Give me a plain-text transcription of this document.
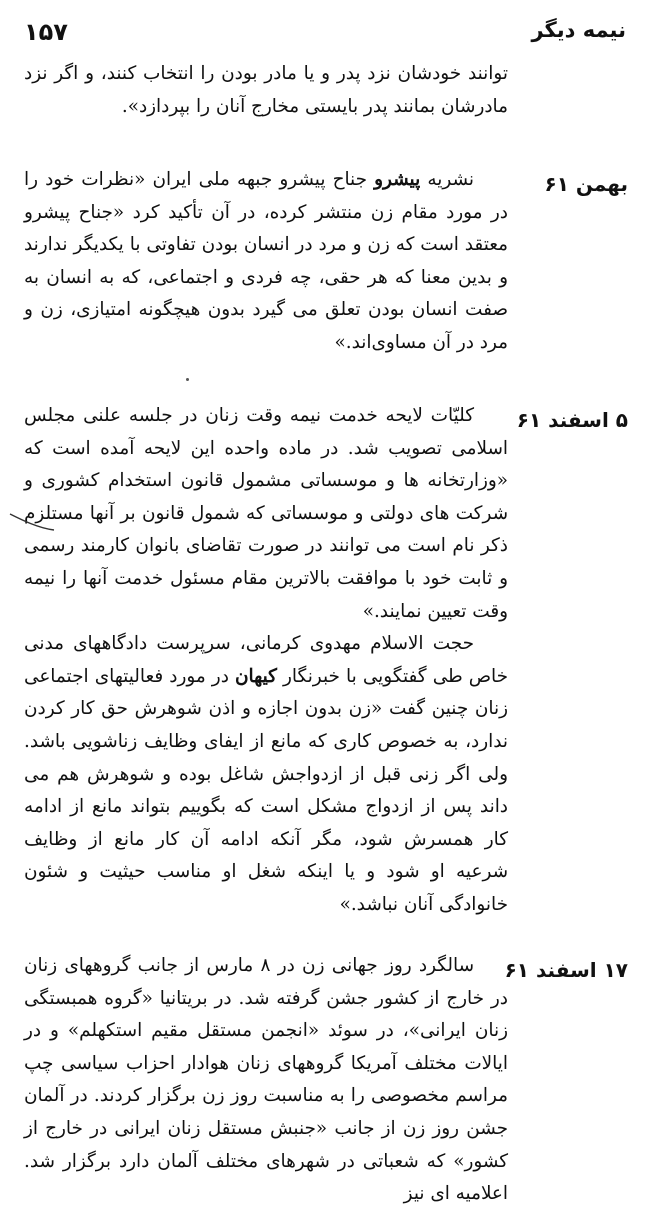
نیمه دیگر
۱۵۷

توانند خودشان نزد پدر و یا مادر بودن را انتخاب کنند، و اگر نزد مادرشان بمانند پدر بایستی مخارج آنان را بپردازد».

بهمن ۶۱

نشریه پیشرو جناح پیشرو جبهه ملی ایران «نظرات خود را در مورد مقام زن منتشر کرده، در آن تأکید کرد «جناح پیشرو معتقد است که زن و مرد در انسان بودن تفاوتی با یکدیگر ندارند و بدین معنا که هر حقی، چه فردی و اجتماعی، که به انسان به صفت انسان بودن تعلق می گیرد بدون هیچگونه امتیازی، زن و مرد در آن مساوی‌اند.»

۵ اسفند ۶۱

کلیّات لایحه خدمت نیمه وقت زنان در جلسه علنی مجلس اسلامی تصویب شد. در ماده واحده این لایحه آمده است که «وزارتخانه ها و موسساتی مشمول قانون استخدام کشوری و شرکت های دولتی و موسساتی که شمول قانون بر آنها مستلزم ذکر نام است می توانند در صورت تقاضای بانوان کارمند رسمی و ثابت خود با موافقت بالاترین مقام مسئول خدمت آنها را نیمه وقت تعیین نمایند.»

حجت الاسلام مهدوی کرمانی، سرپرست دادگاههای مدنی خاص طی گفتگویی با خبرنگار کیهان در مورد فعالیتهای اجتماعی زنان چنین گفت «زن بدون اجازه و اذن شوهرش حق کار کردن ندارد، به خصوص کاری که مانع از ایفای وظایف زناشویی باشد. ولی اگر زنی قبل از ازدواجش شاغل بوده و شوهرش هم می داند پس از ازدواج مشکل است که بگوییم بتواند مانع از ادامه کار همسرش شود، مگر آنکه ادامه آن کار مانع از وظایف شرعیه او شود و یا اینکه شغل او مناسب حیثیت و شئون خانوادگی آنان نباشد.»

۱۷ اسفند ۶۱

سالگرد روز جهانی زن در ۸ مارس از جانب گروههای زنان در خارج از کشور جشن گرفته شد. در بریتانیا «گروه همبستگی زنان ایرانی»، در سوئد «انجمن مستقل مقیم استکهلم» و در ایالات مختلف آمریکا گروههای زنان هوادار احزاب سیاسی چپ مراسم مخصوصی را به مناسبت روز زن برگزار کردند. در آلمان جشن روز زن از جانب «جنبش مستقل زنان ایرانی در خارج از کشور» که شعباتی در شهرهای مختلف آلمان دارد برگزار شد. اعلامیه ای نیز
